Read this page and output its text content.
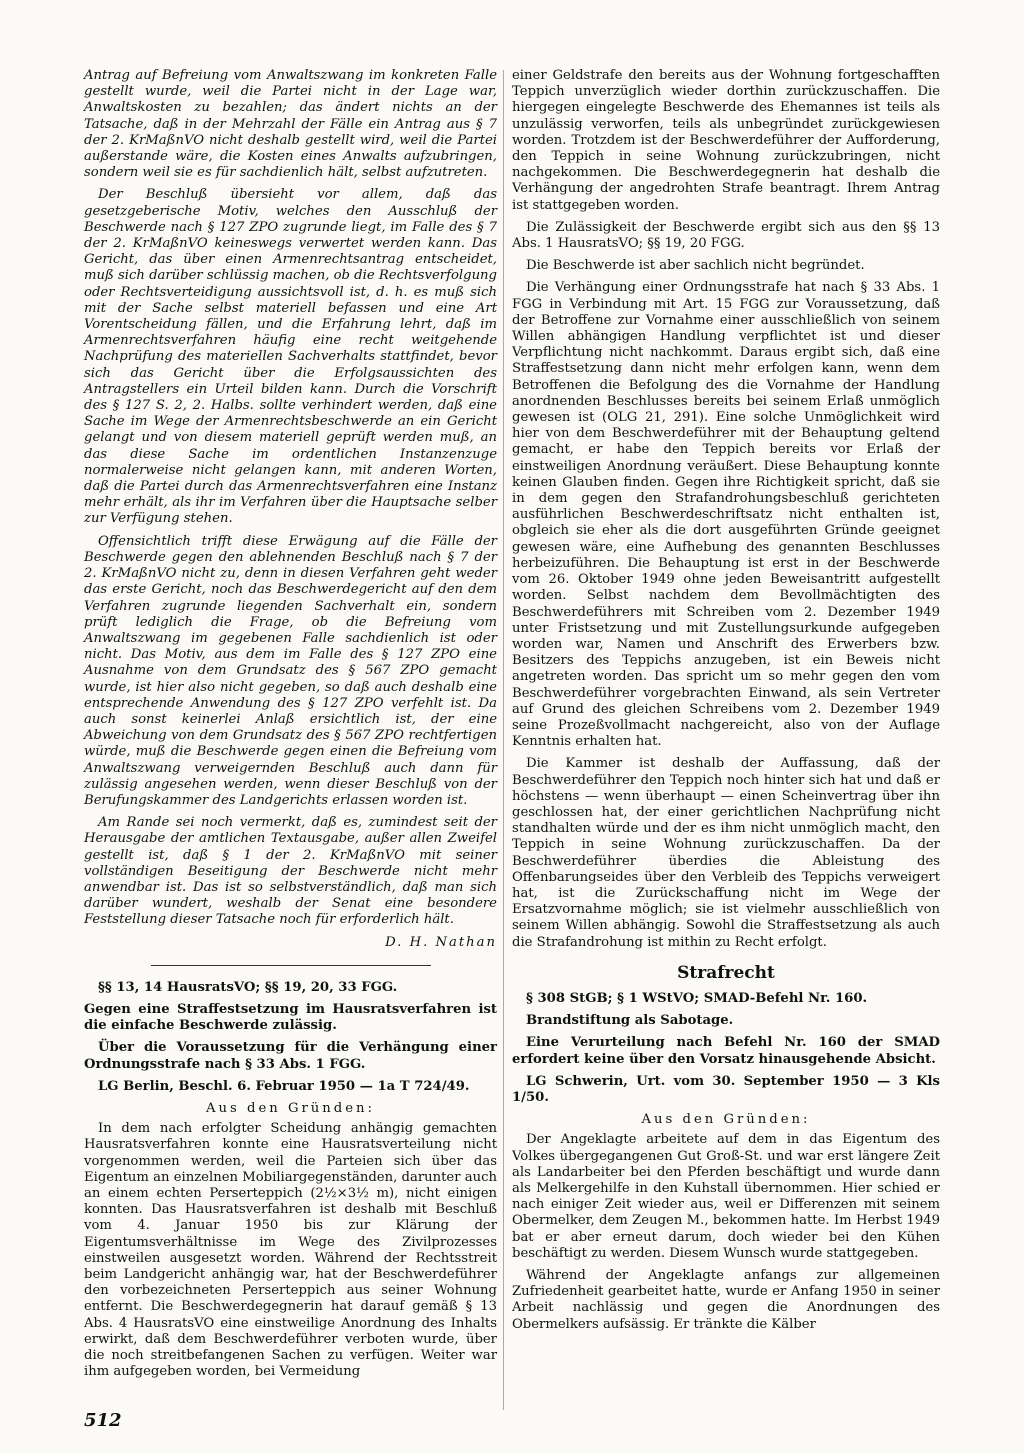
Antrag auf Befreiung vom Anwaltszwang im konkreten Falle gestellt wurde, weil die Partei nicht in der Lage war, Anwaltskosten zu bezahlen; das ändert nichts an der Tatsache, daß in der Mehrzahl der Fälle ein Antrag aus § 7 der 2. KrMaßnVO nicht deshalb gestellt wird, weil die Partei außerstande wäre, die Kosten eines Anwalts aufzubringen, sondern weil sie es für sachdienlich hält, selbst aufzutreten.

Der Beschluß übersieht vor allem, daß das gesetzgeberische Motiv, welches den Ausschluß der Beschwerde nach § 127 ZPO zugrunde liegt, im Falle des § 7 der 2. KrMaßnVO keineswegs verwertet werden kann. Das Gericht, das über einen Armenrechtsantrag entscheidet, muß sich darüber schlüssig machen, ob die Rechtsverfolgung oder Rechtsverteidigung aussichtsvoll ist, d. h. es muß sich mit der Sache selbst materiell befassen und eine Art Vorentscheidung fällen, und die Erfahrung lehrt, daß im Armenrechtsverfahren häufig eine recht weitgehende Nachprüfung des materiellen Sachverhalts stattfindet, bevor sich das Gericht über die Erfolgsaussichten des Antragstellers ein Urteil bilden kann. Durch die Vorschrift des § 127 S. 2, 2. Halbs. sollte verhindert werden, daß eine Sache im Wege der Armenrechtsbeschwerde an ein Gericht gelangt und von diesem materiell geprüft werden muß, an das diese Sache im ordentlichen Instanzenzuge normalerweise nicht gelangen kann, mit anderen Worten, daß die Partei durch das Armenrechtsverfahren eine Instanz mehr erhält, als ihr im Verfahren über die Hauptsache selber zur Verfügung stehen.

Offensichtlich trifft diese Erwägung auf die Fälle der Beschwerde gegen den ablehnenden Beschluß nach § 7 der 2. KrMaßnVO nicht zu, denn in diesen Verfahren geht weder das erste Gericht, noch das Beschwerdegericht auf den dem Verfahren zugrunde liegenden Sachverhalt ein, sondern prüft lediglich die Frage, ob die Befreiung vom Anwaltszwang im gegebenen Falle sachdienlich ist oder nicht. Das Motiv, aus dem im Falle des § 127 ZPO eine Ausnahme von dem Grundsatz des § 567 ZPO gemacht wurde, ist hier also nicht gegeben, so daß auch deshalb eine entsprechende Anwendung des § 127 ZPO verfehlt ist. Da auch sonst keinerlei Anlaß ersichtlich ist, der eine Abweichung von dem Grundsatz des § 567 ZPO rechtfertigen würde, muß die Beschwerde gegen einen die Befreiung vom Anwaltszwang verweigernden Beschluß auch dann für zulässig angesehen werden, wenn dieser Beschluß von der Berufungskammer des Landgerichts erlassen worden ist.

Am Rande sei noch vermerkt, daß es, zumindest seit der Herausgabe der amtlichen Textausgabe, außer allen Zweifel gestellt ist, daß § 1 der 2. KrMaßnVO mit seiner vollständigen Beseitigung der Beschwerde nicht mehr anwendbar ist. Das ist so selbstverständlich, daß man sich darüber wundert, weshalb der Senat eine besondere Feststellung dieser Tatsache noch für erforderlich hält.

D. H. Nathan

§§ 13, 14 HausratsVO; §§ 19, 20, 33 FGG.

Gegen eine Straffestsetzung im Hausratsverfahren ist die einfache Beschwerde zulässig.

Über die Voraussetzung für die Verhängung einer Ordnungsstrafe nach § 33 Abs. 1 FGG.

LG Berlin, Beschl. 6. Februar 1950 — 1a T 724/49.

Aus den Gründen:

In dem nach erfolgter Scheidung anhängig gemachten Hausratsverfahren konnte eine Hausratsverteilung nicht vorgenommen werden, weil die Parteien sich über das Eigentum an einzelnen Mobiliargegenständen, darunter auch an einem echten Perserteppich (2½×3½ m), nicht einigen konnten. Das Hausratsverfahren ist deshalb mit Beschluß vom 4. Januar 1950 bis zur Klärung der Eigentumsverhältnisse im Wege des Zivilprozesses einstweilen ausgesetzt worden. Während der Rechtsstreit beim Landgericht anhängig war, hat der Beschwerdeführer den vorbezeichneten Perserteppich aus seiner Wohnung entfernt. Die Beschwerdegegnerin hat darauf gemäß § 13 Abs. 4 HausratsVO eine einstweilige Anordnung des Inhalts erwirkt, daß dem Beschwerdeführer verboten wurde, über die noch streitbefangenen Sachen zu verfügen. Weiter war ihm aufgegeben worden, bei Vermeidung

einer Geldstrafe den bereits aus der Wohnung fortgeschafften Teppich unverzüglich wieder dorthin zurückzuschaffen. Die hiergegen eingelegte Beschwerde des Ehemannes ist teils als unzulässig verworfen, teils als unbegründet zurückgewiesen worden. Trotzdem ist der Beschwerdeführer der Aufforderung, den Teppich in seine Wohnung zurückzubringen, nicht nachgekommen. Die Beschwerdegegnerin hat deshalb die Verhängung der angedrohten Strafe beantragt. Ihrem Antrag ist stattgegeben worden.

Die Zulässigkeit der Beschwerde ergibt sich aus den §§ 13 Abs. 1 HausratsVO; §§ 19, 20 FGG.

Die Beschwerde ist aber sachlich nicht begründet.

Die Verhängung einer Ordnungsstrafe hat nach § 33 Abs. 1 FGG in Verbindung mit Art. 15 FGG zur Voraussetzung, daß der Betroffene zur Vornahme einer ausschließlich von seinem Willen abhängigen Handlung verpflichtet ist und dieser Verpflichtung nicht nachkommt. Daraus ergibt sich, daß eine Straffestsetzung dann nicht mehr erfolgen kann, wenn dem Betroffenen die Befolgung des die Vornahme der Handlung anordnenden Beschlusses bereits bei seinem Erlaß unmöglich gewesen ist (OLG 21, 291). Eine solche Unmöglichkeit wird hier von dem Beschwerdeführer mit der Behauptung geltend gemacht, er habe den Teppich bereits vor Erlaß der einstweiligen Anordnung veräußert. Diese Behauptung konnte keinen Glauben finden. Gegen ihre Richtigkeit spricht, daß sie in dem gegen den Strafandrohungsbeschluß gerichteten ausführlichen Beschwerdeschriftsatz nicht enthalten ist, obgleich sie eher als die dort ausgeführten Gründe geeignet gewesen wäre, eine Aufhebung des genannten Beschlusses herbeizuführen. Die Behauptung ist erst in der Beschwerde vom 26. Oktober 1949 ohne jeden Beweisantritt aufgestellt worden. Selbst nachdem dem Bevollmächtigten des Beschwerdeführers mit Schreiben vom 2. Dezember 1949 unter Fristsetzung und mit Zustellungsurkunde aufgegeben worden war, Namen und Anschrift des Erwerbers bzw. Besitzers des Teppichs anzugeben, ist ein Beweis nicht angetreten worden. Das spricht um so mehr gegen den vom Beschwerdeführer vorgebrachten Einwand, als sein Vertreter auf Grund des gleichen Schreibens vom 2. Dezember 1949 seine Prozeßvollmacht nachgereicht, also von der Auflage Kenntnis erhalten hat.

Die Kammer ist deshalb der Auffassung, daß der Beschwerdeführer den Teppich noch hinter sich hat und daß er höchstens — wenn überhaupt — einen Scheinvertrag über ihn geschlossen hat, der einer gerichtlichen Nachprüfung nicht standhalten würde und der es ihm nicht unmöglich macht, den Teppich in seine Wohnung zurückzuschaffen. Da der Beschwerdeführer überdies die Ableistung des Offenbarungseides über den Verbleib des Teppichs verweigert hat, ist die Zurückschaffung nicht im Wege der Ersatzvornahme möglich; sie ist vielmehr ausschließlich von seinem Willen abhängig. Sowohl die Straffestsetzung als auch die Strafandrohung ist mithin zu Recht erfolgt.

Strafrecht

§ 308 StGB; § 1 WStVO; SMAD-Befehl Nr. 160.

Brandstiftung als Sabotage.

Eine Verurteilung nach Befehl Nr. 160 der SMAD erfordert keine über den Vorsatz hinausgehende Absicht.

LG Schwerin, Urt. vom 30. September 1950 — 3 Kls 1/50.

Aus den Gründen:

Der Angeklagte arbeitete auf dem in das Eigentum des Volkes übergegangenen Gut Groß-St. und war erst längere Zeit als Landarbeiter bei den Pferden beschäftigt und wurde dann als Melkergehilfe in den Kuhstall übernommen. Hier schied er nach einiger Zeit wieder aus, weil er Differenzen mit seinem Obermelker, dem Zeugen M., bekommen hatte. Im Herbst 1949 bat er aber erneut darum, doch wieder bei den Kühen beschäftigt zu werden. Diesem Wunsch wurde stattgegeben.

Während der Angeklagte anfangs zur allgemeinen Zufriedenheit gearbeitet hatte, wurde er Anfang 1950 in seiner Arbeit nachlässig und gegen die Anordnungen des Obermelkers aufsässig. Er tränkte die Kälber

512
